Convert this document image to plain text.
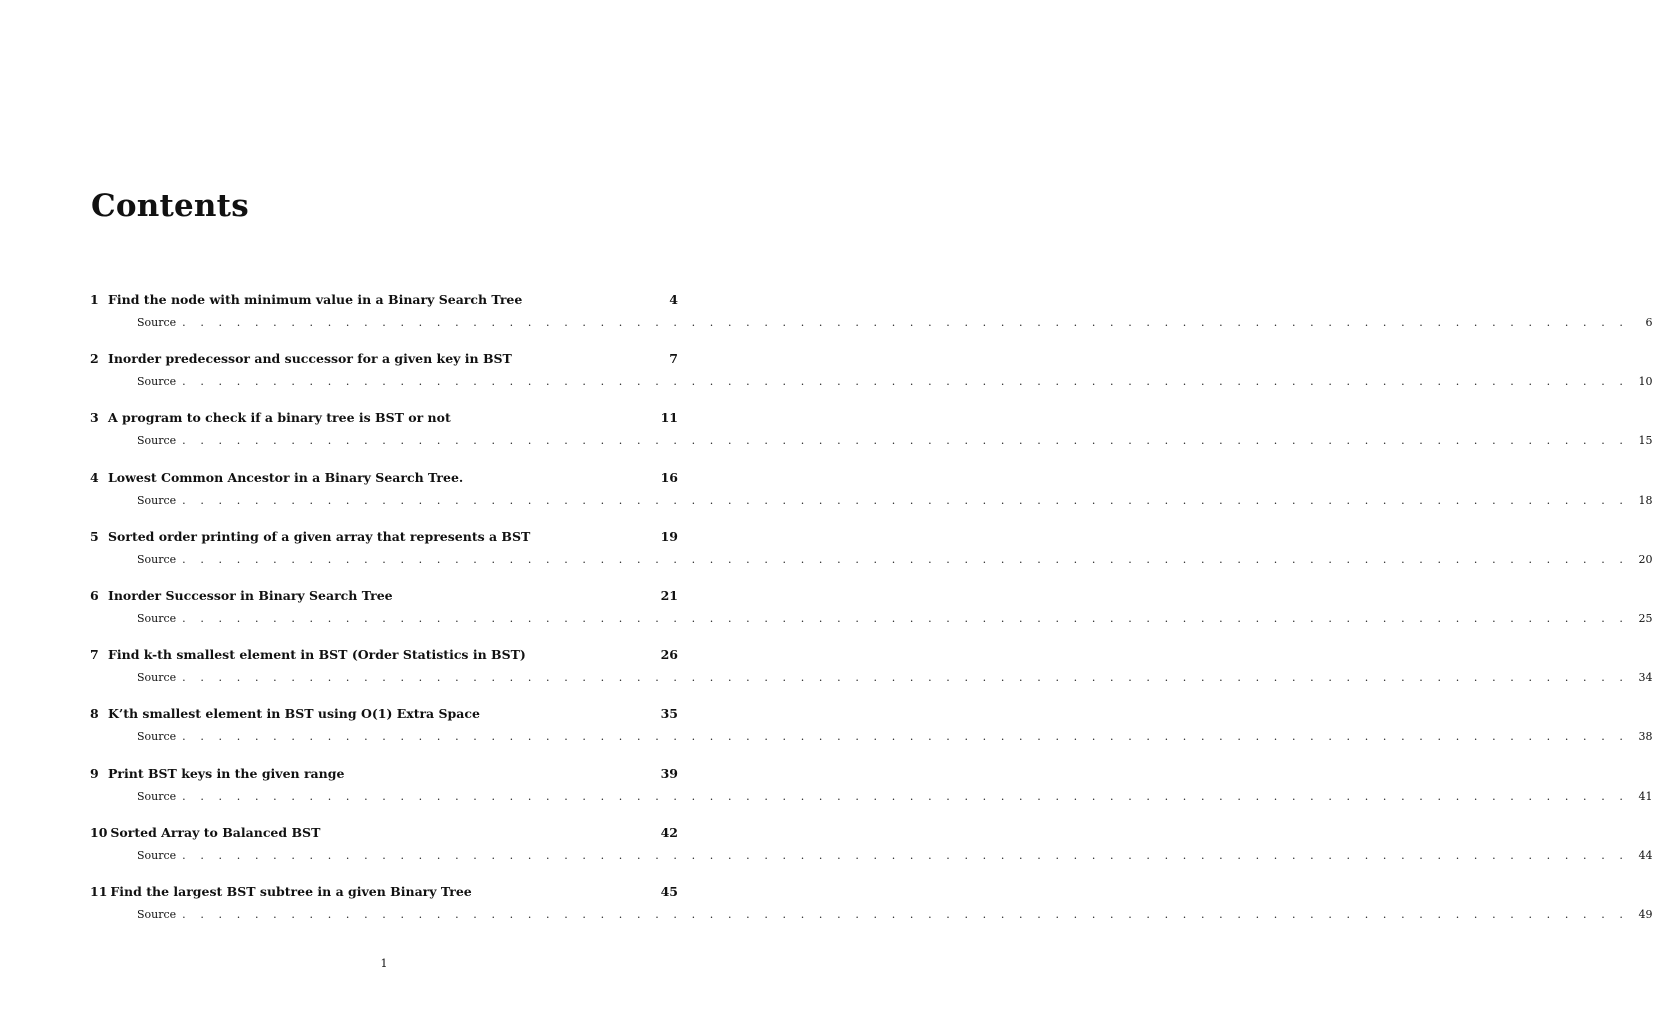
Contents
1 Find the node with minimum value in a Binary Search Tree	4
Source . . . . . . . . . . . . . . . . . . . . . . . . . . . . . . . . . . . . . . . . . . . . . . . . . . . . . . . . . . . . . . . . . . . . . . . . . . . . . . . .	6
2 Inorder predecessor and successor for a given key in BST	7
Source . . . . . . . . . . . . . . . . . . . . . . . . . . . . . . . . . . . . . . . . . . . . . . . . . . . . . . . . . . . . . . . . . . . . . . . . . . . . . . . . 10
3 A program to check if a binary tree is BST or not	11
Source . . . . . . . . . . . . . . . . . . . . . . . . . . . . . . . . . . . . . . . . . . . . . . . . . . . . . . . . . . . . . . . . . . . . . . . . . . . . . . . . 15
4 Lowest Common Ancestor in a Binary Search Tree.	16
Source . . . . . . . . . . . . . . . . . . . . . . . . . . . . . . . . . . . . . . . . . . . . . . . . . . . . . . . . . . . . . . . . . . . . . . . . . . . . . . . . 18
5 Sorted order printing of a given array that represents a BST	19
Source . . . . . . . . . . . . . . . . . . . . . . . . . . . . . . . . . . . . . . . . . . . . . . . . . . . . . . . . . . . . . . . . . . . . . . . . . . . . . . . . 20
6 Inorder Successor in Binary Search Tree	21
Source . . . . . . . . . . . . . . . . . . . . . . . . . . . . . . . . . . . . . . . . . . . . . . . . . . . . . . . . . . . . . . . . . . . . . . . . . . . . . . . . 25
7 Find k-th smallest element in BST (Order Statistics in BST)	26
Source . . . . . . . . . . . . . . . . . . . . . . . . . . . . . . . . . . . . . . . . . . . . . . . . . . . . . . . . . . . . . . . . . . . . . . . . . . . . . . . . 34
8 K’th smallest element in BST using O(1) Extra Space	35
Source . . . . . . . . . . . . . . . . . . . . . . . . . . . . . . . . . . . . . . . . . . . . . . . . . . . . . . . . . . . . . . . . . . . . . . . . . . . . . . . . 38
9 Print BST keys in the given range	39
Source . . . . . . . . . . . . . . . . . . . . . . . . . . . . . . . . . . . . . . . . . . . . . . . . . . . . . . . . . . . . . . . . . . . . . . . . . . . . . . . . 41
10 Sorted Array to Balanced BST	42
Source . . . . . . . . . . . . . . . . . . . . . . . . . . . . . . . . . . . . . . . . . . . . . . . . . . . . . . . . . . . . . . . . . . . . . . . . . . . . . . . . 44
11 Find the largest BST subtree in a given Binary Tree	45
Source . . . . . . . . . . . . . . . . . . . . . . . . . . . . . . . . . . . . . . . . . . . . . . . . . . . . . . . . . . . . . . . . . . . . . . . . . . . . . . . . 49
1
